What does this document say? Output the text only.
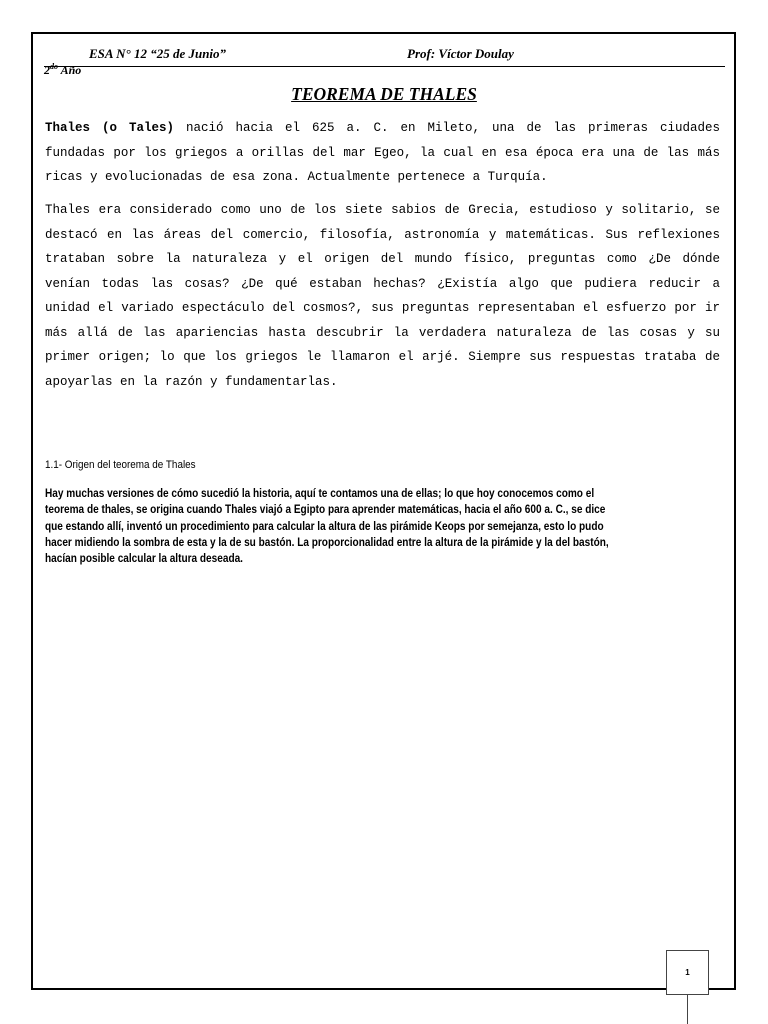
ESA N° 12 “25 de Junio”	Prof: Víctor Doulay
$2^{do}$ Año
TEOREMA DE THALES

Thales (o Tales) nació hacia el 625 a. C. en Mileto, una de las primeras ciudades fundadas por los griegos a orillas del mar Egeo, la cual en esa época era una de las más ricas y evolucionadas de esa zona. Actualmente pertenece a Turquía.

Thales era considerado como uno de los siete sabios de Grecia, estudioso y solitario, se destacó en las áreas del comercio, filosofía, astronomía y matemáticas. Sus reflexiones trataban sobre la naturaleza y el origen del mundo físico, preguntas como ¿De dónde venían todas las cosas? ¿De qué estaban hechas? ¿Existía algo que pudiera reducir a unidad el variado espectáculo del cosmos?, sus preguntas representaban el esfuerzo por ir más allá de las apariencias hasta descubrir la verdadera naturaleza de las cosas y su primer origen; lo que los griegos le llamaron el arjé. Siempre sus respuestas trataba de apoyarlas en la razón y fundamentarlas.

1.1- Origen del teorema de Thales

Hay muchas versiones de cómo sucedió la historia, aquí te contamos una de ellas; lo que hoy conocemos como el
teorema de thales, se origina cuando Thales viajó a Egipto para aprender matemáticas, hacia el año 600 a. C., se dice
que estando allí, inventó un procedimiento para calcular la altura de las pirámide Keops por semejanza, esto lo pudo
hacer midiendo la sombra de esta y la de su bastón. La proporcionalidad entre la altura de la pirámide y la del bastón,
hacían posible calcular la altura deseada.

1
